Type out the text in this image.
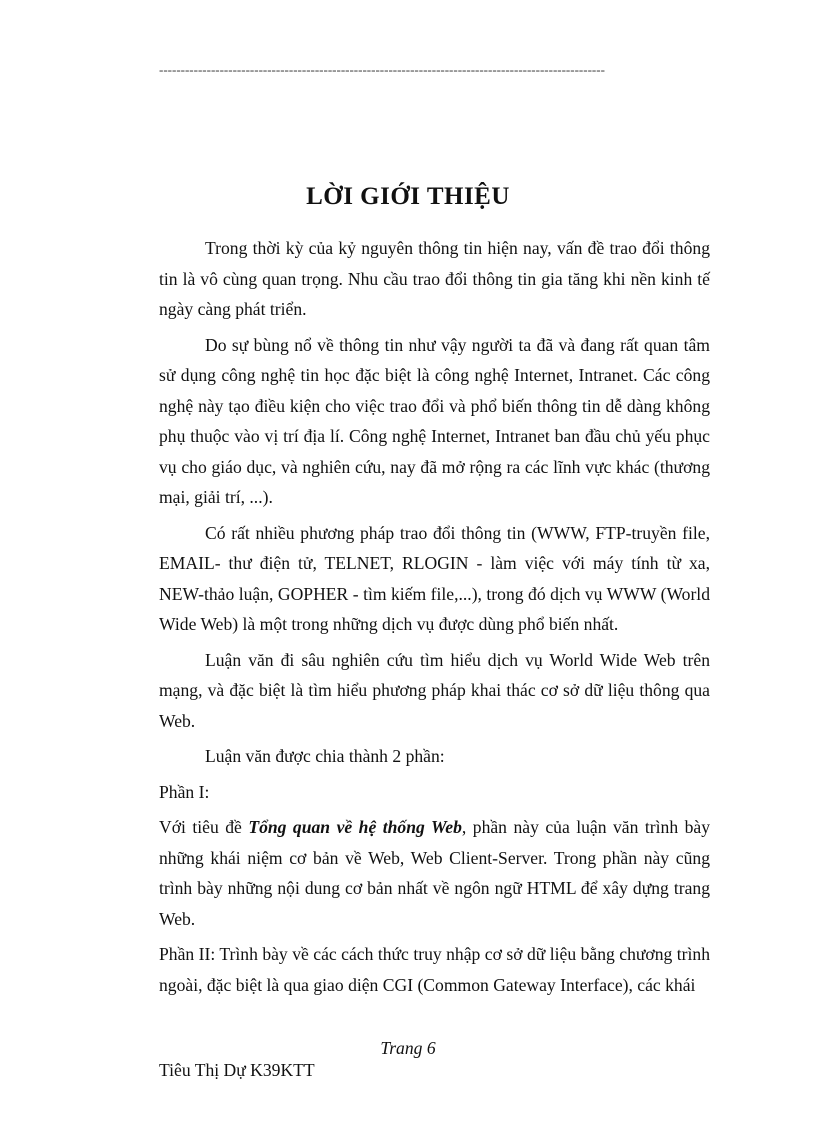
-------------------------------------------------------------------------------------------------------
LỜI GIỚI THIỆU

Trong thời kỳ của kỷ nguyên thông tin hiện nay, vấn đề trao đổi thông tin là vô cùng quan trọng. Nhu cầu trao đổi thông tin gia tăng khi nền kinh tế ngày càng phát triển.

Do sự bùng nổ về thông tin như vậy người ta đã và đang rất quan tâm sử dụng công nghệ tin học đặc biệt là công nghệ Internet, Intranet. Các công nghệ này tạo điều kiện cho việc trao đổi và phổ biến thông tin dễ dàng không phụ thuộc vào vị trí địa lí. Công nghệ Internet, Intranet ban đầu chủ yếu phục vụ cho giáo dục, và nghiên cứu, nay đã mở rộng ra các lĩnh vực khác (thương mại, giải trí, ...).

Có rất nhiều phương pháp trao đổi thông tin (WWW, FTP-truyền file, EMAIL- thư điện tử, TELNET, RLOGIN - làm việc với máy tính từ xa, NEW-thảo luận, GOPHER - tìm kiếm file,...), trong đó dịch vụ WWW (World Wide Web) là một trong những dịch vụ được dùng phổ biến nhất.

Luận văn đi sâu nghiên cứu tìm hiểu dịch vụ World Wide Web trên mạng, và đặc biệt là tìm hiểu phương pháp khai thác cơ sở dữ liệu thông qua Web.

Luận văn được chia thành 2 phần:

Phần I:

Với tiêu đề Tổng quan về hệ thống Web, phần này của luận văn trình bày những khái niệm cơ bản về Web, Web Client-Server. Trong phần này cũng trình bày những nội dung cơ bản nhất về ngôn ngữ HTML để xây dựng trang Web.

Phần II: Trình bày về các cách thức truy nhập cơ sở dữ liệu bằng chương trình ngoài, đặc biệt là qua giao diện CGI (Common Gateway Interface), các khái

Trang 6
Tiêu Thị Dự K39KTT
